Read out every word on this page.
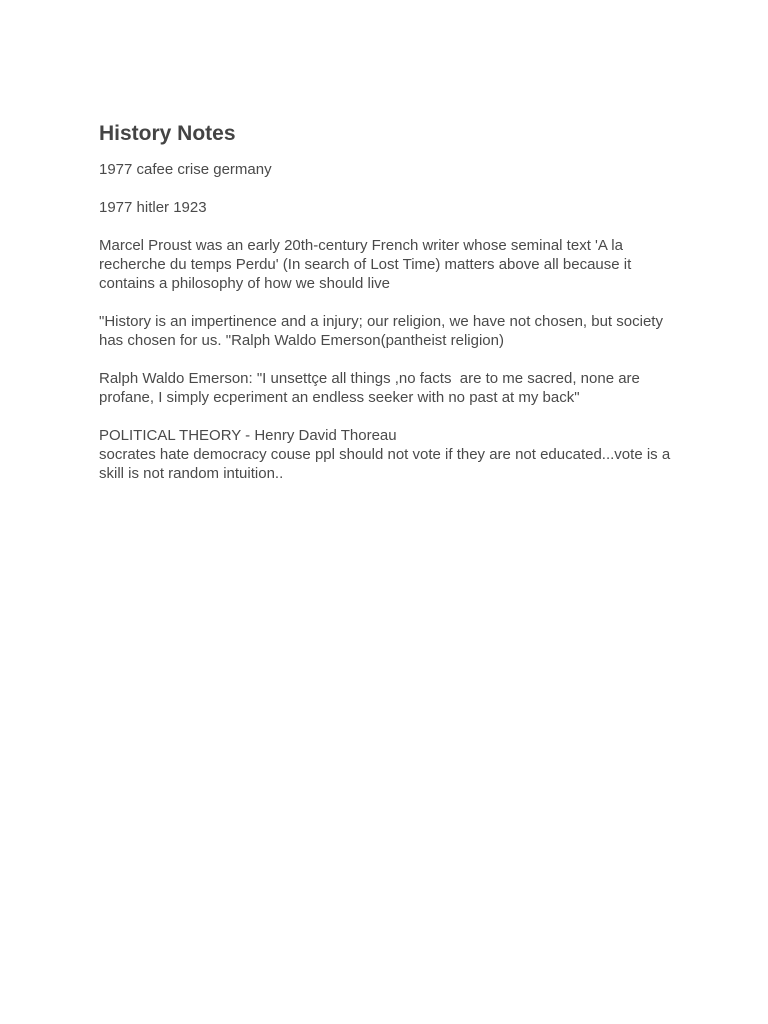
History Notes
1977 cafee crise germany
1977 hitler 1923
Marcel Proust was an early 20th-century French writer whose seminal text 'A la recherche du temps Perdu' (In search of Lost Time) matters above all because it contains a philosophy of how we should live
"History is an impertinence and a injury; our religion, we have not chosen, but society has chosen for us. "Ralph Waldo Emerson(pantheist religion)
Ralph Waldo Emerson: "I unsettçe all things ,no facts  are to me sacred, none are profane, I simply ecperiment an endless seeker with no past at my back"
POLITICAL THEORY - Henry David Thoreau
socrates hate democracy couse ppl should not vote if they are not educated...vote is a skill is not random intuition..
